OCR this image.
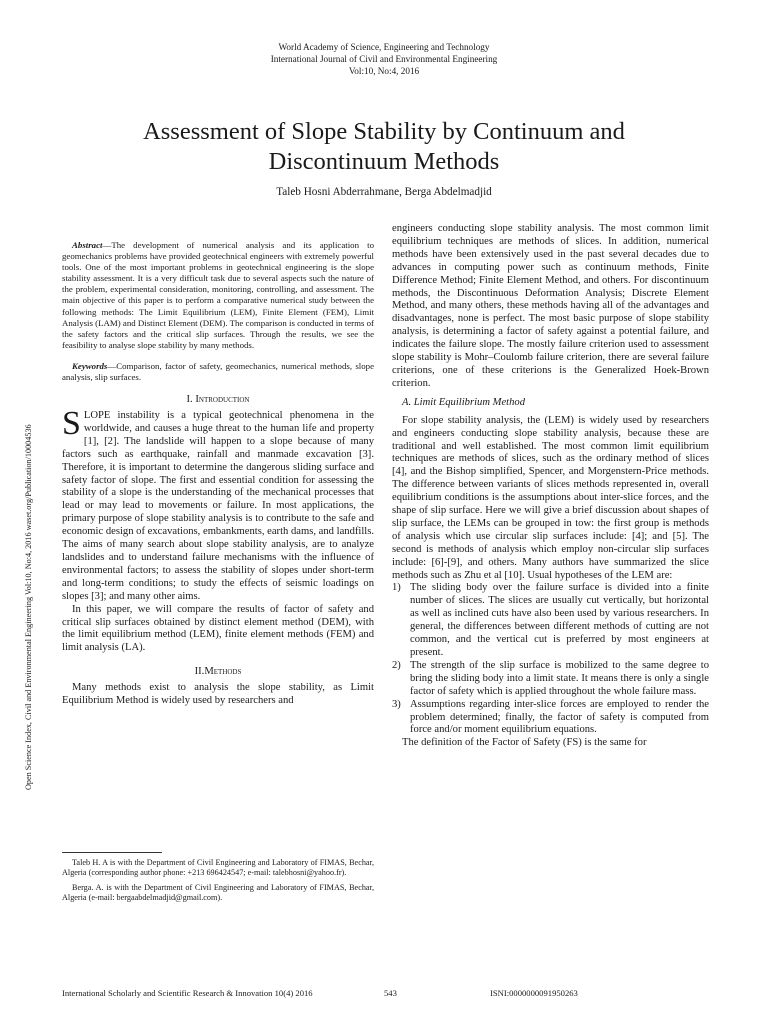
World Academy of Science, Engineering and Technology
International Journal of Civil and Environmental Engineering
Vol:10, No:4, 2016
Assessment of Slope Stability by Continuum and
Discontinuum Methods
Taleb Hosni Abderrahmane, Berga Abdelmadjid
Open Science Index, Civil and Environmental Engineering Vol:10, No:4, 2016 waset.org/Publication/10004536

Abstract—The development of numerical analysis and its application to geomechanics problems have provided geotechnical engineers with extremely powerful tools. One of the most important problems in geotechnical engineering is the slope stability assessment. It is a very difficult task due to several aspects such the nature of the problem, experimental consideration, monitoring, controlling, and assessment. The main objective of this paper is to perform a comparative numerical study between the following methods: The Limit Equilibrium (LEM), Finite Element (FEM), Limit Analysis (LAM) and Distinct Element (DEM). The comparison is conducted in terms of the safety factors and the critical slip surfaces. Through the results, we see the feasibility to analyse slope stability by many methods.

Keywords—Comparison, factor of safety, geomechanics, numerical methods, slope analysis, slip surfaces.

I. Introduction

SLOPE instability is a typical geotechnical phenomena in the worldwide, and causes a huge threat to the human life and property [1], [2]. The landslide will happen to a slope because of many factors such as earthquake, rainfall and manmade excavation [3]. Therefore, it is important to determine the dangerous sliding surface and safety factor of slope. The first and essential condition for assessing the stability of a slope is the understanding of the mechanical processes that lead or may lead to movements or failure. In most applications, the primary purpose of slope stability analysis is to contribute to the safe and economic design of excavations, embankments, earth dams, and landfills. The aims of many search about slope stability analysis, are to analyze landslides and to understand failure mechanisms with the influence of environmental factors; to assess the stability of slopes under short-term and long-term conditions; to study the effects of seismic loadings on slopes [3]; and many other aims.

In this paper, we will compare the results of factor of safety and critical slip surfaces obtained by distinct element method (DEM), with the limit equilibrium method (LEM), finite element methods (FEM) and limit analysis (LA).

II.Methods

Many methods exist to analysis the slope stability, as Limit Equilibrium Method is widely used by researchers and

Taleb H. A is with the Department of Civil Engineering and Laboratory of FIMAS, Bechar, Algeria (corresponding author phone: +213 696424547; e-mail: talebhosni@yahoo.fr).

Berga. A. is with the Department of Civil Engineering and Laboratory of FIMAS, Bechar, Algeria (e-mail: bergaabdelmadjid@gmail.com).

engineers conducting slope stability analysis. The most common limit equilibrium techniques are methods of slices. In addition, numerical methods have been extensively used in the past several decades due to advances in computing power such as continuum methods, Finite Difference Method; Finite Element Method, and others. For discontinuum methods, the Discontinuous Deformation Analysis; Discrete Element Method, and many others, these methods having all of the advantages and disadvantages, none is perfect. The most basic purpose of slope stability analysis, is determining a factor of safety against a potential failure, and indicates the failure slope. The mostly failure criterion used to assessment slope stability is Mohr–Coulomb failure criterion, there are several failure criterions, one of these criterions is the Generalized Hoek-Brown criterion.

A. Limit Equilibrium Method

For slope stability analysis, the (LEM) is widely used by researchers and engineers conducting slope stability analysis, because these are traditional and well established. The most common limit equilibrium techniques are methods of slices, such as the ordinary method of slices [4], and the Bishop simplified, Spencer, and Morgenstern-Price methods. The difference between variants of slices methods represented in, overall equilibrium conditions is the assumptions about inter-slice forces, and the shape of slip surface. Here we will give a brief discussion about shapes of slip surface, the LEMs can be grouped in tow: the first group is methods of analysis which use circular slip surfaces include: [4]; and [5]. The second is methods of analysis which employ non-circular slip surfaces include: [6]-[9], and others. Many authors have summarized the slice methods such as Zhu et al [10]. Usual hypotheses of the LEM are:

1) The sliding body over the failure surface is divided into a finite number of slices. The slices are usually cut vertically, but horizontal as well as inclined cuts have also been used by various researchers. In general, the differences between different methods of cutting are not common, and the vertical cut is preferred by most engineers at present.
2) The strength of the slip surface is mobilized to the same degree to bring the sliding body into a limit state. It means there is only a single factor of safety which is applied throughout the whole failure mass.
3) Assumptions regarding inter-slice forces are employed to render the problem determined; finally, the factor of safety is computed from force and/or moment equilibrium equations.

The definition of the Factor of Safety (FS) is the same for

International Scholarly and Scientific Research & Innovation 10(4) 2016	543	ISNI:0000000091950263
